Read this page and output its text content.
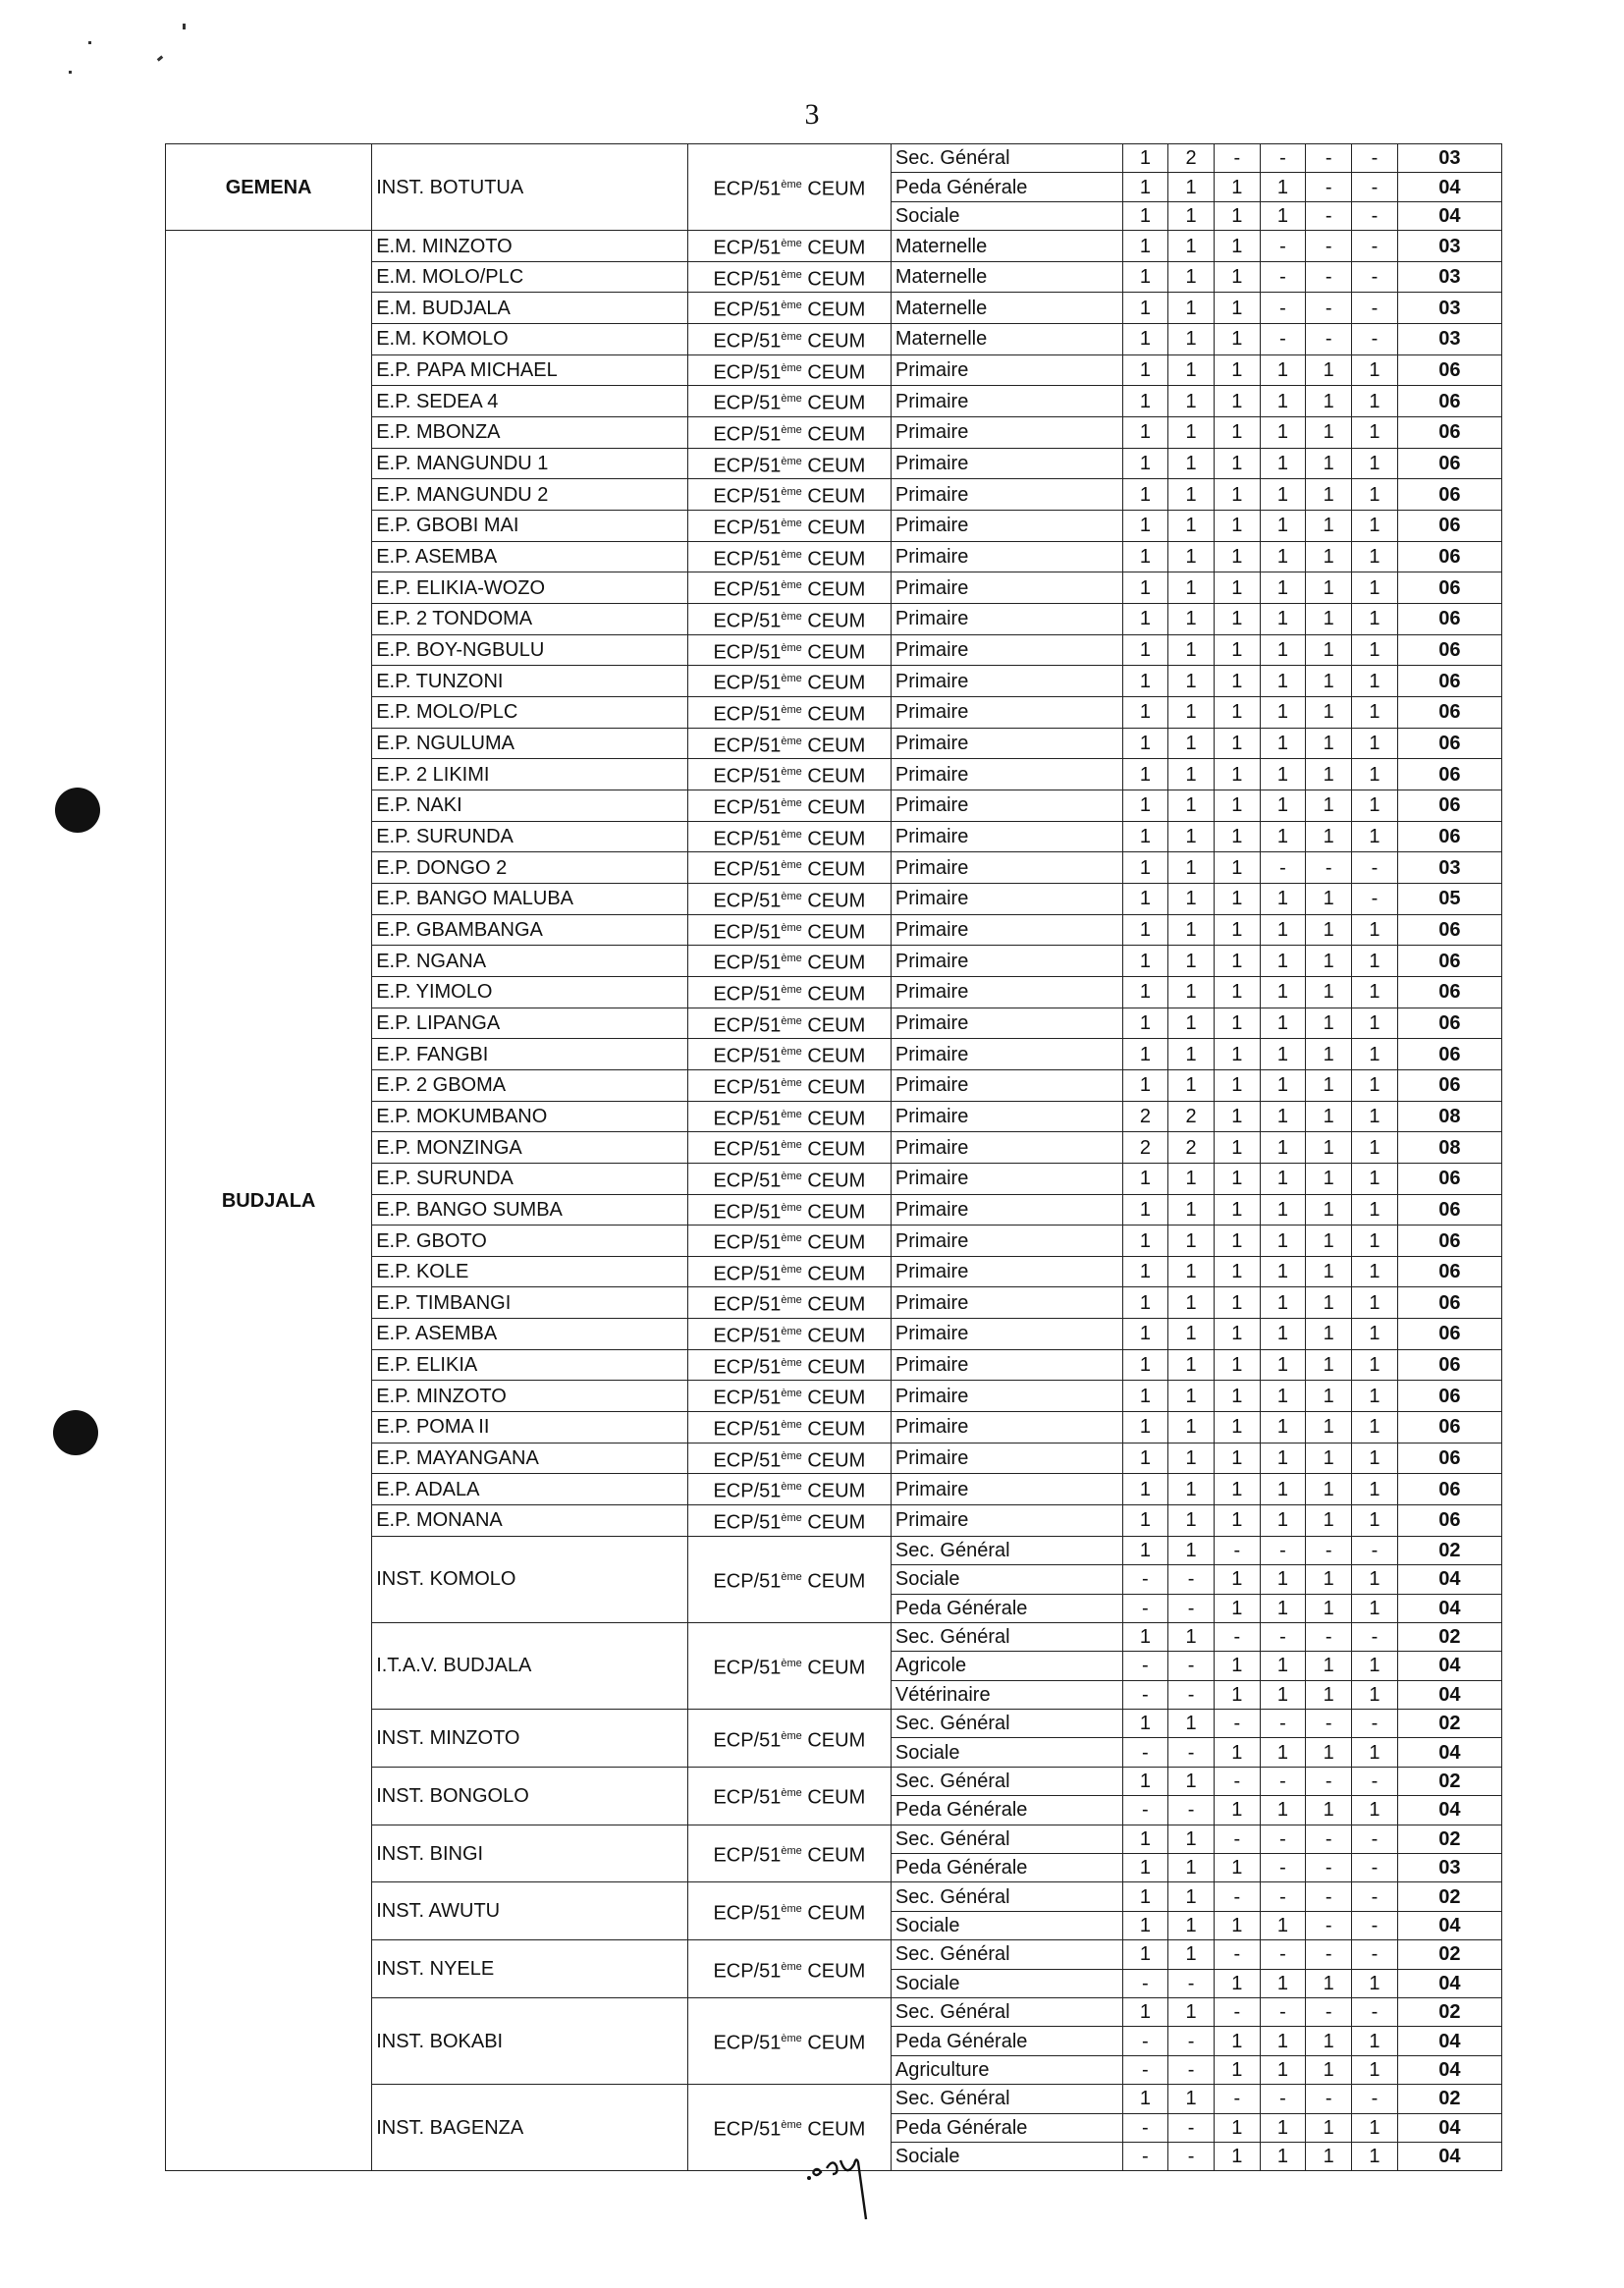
3
GEMENA	INST. BOTUTUA	ECP/51ème CEUM	Sec. Général	1	2	-	-	-	-	03
			Peda Générale	1	1	1	1	-	-	04
			Sociale	1	1	1	1	-	-	04
BUDJALA	E.M. MINZOTO	ECP/51ème CEUM	Maternelle	1	1	1	-	-	-	03
	E.M. MOLO/PLC	ECP/51ème CEUM	Maternelle	1	1	1	-	-	-	03
	E.M. BUDJALA	ECP/51ème CEUM	Maternelle	1	1	1	-	-	-	03
	E.M. KOMOLO	ECP/51ème CEUM	Maternelle	1	1	1	-	-	-	03
	E.P. PAPA MICHAEL	ECP/51ème CEUM	Primaire	1	1	1	1	1	1	06
	E.P. SEDEA 4	ECP/51ème CEUM	Primaire	1	1	1	1	1	1	06
	E.P. MBONZA	ECP/51ème CEUM	Primaire	1	1	1	1	1	1	06
	E.P. MANGUNDU 1	ECP/51ème CEUM	Primaire	1	1	1	1	1	1	06
	E.P. MANGUNDU 2	ECP/51ème CEUM	Primaire	1	1	1	1	1	1	06
	E.P. GBOBI MAI	ECP/51ème CEUM	Primaire	1	1	1	1	1	1	06
	E.P. ASEMBA	ECP/51ème CEUM	Primaire	1	1	1	1	1	1	06
	E.P. ELIKIA-WOZO	ECP/51ème CEUM	Primaire	1	1	1	1	1	1	06
	E.P. 2 TONDOMA	ECP/51ème CEUM	Primaire	1	1	1	1	1	1	06
	E.P. BOY-NGBULU	ECP/51ème CEUM	Primaire	1	1	1	1	1	1	06
	E.P. TUNZONI	ECP/51ème CEUM	Primaire	1	1	1	1	1	1	06
	E.P. MOLO/PLC	ECP/51ème CEUM	Primaire	1	1	1	1	1	1	06
	E.P. NGULUMA	ECP/51ème CEUM	Primaire	1	1	1	1	1	1	06
	E.P. 2 LIKIMI	ECP/51ème CEUM	Primaire	1	1	1	1	1	1	06
	E.P. NAKI	ECP/51ème CEUM	Primaire	1	1	1	1	1	1	06
	E.P. SURUNDA	ECP/51ème CEUM	Primaire	1	1	1	1	1	1	06
	E.P. DONGO 2	ECP/51ème CEUM	Primaire	1	1	1	-	-	-	03
	E.P. BANGO MALUBA	ECP/51ème CEUM	Primaire	1	1	1	1	1	-	05
	E.P. GBAMBANGA	ECP/51ème CEUM	Primaire	1	1	1	1	1	1	06
	E.P. NGANA	ECP/51ème CEUM	Primaire	1	1	1	1	1	1	06
	E.P. YIMOLO	ECP/51ème CEUM	Primaire	1	1	1	1	1	1	06
	E.P. LIPANGA	ECP/51ème CEUM	Primaire	1	1	1	1	1	1	06
	E.P. FANGBI	ECP/51ème CEUM	Primaire	1	1	1	1	1	1	06
	E.P. 2 GBOMA	ECP/51ème CEUM	Primaire	1	1	1	1	1	1	06
	E.P. MOKUMBANO	ECP/51ème CEUM	Primaire	2	2	1	1	1	1	08
	E.P. MONZINGA	ECP/51ème CEUM	Primaire	2	2	1	1	1	1	08
	E.P. SURUNDA	ECP/51ème CEUM	Primaire	1	1	1	1	1	1	06
	E.P. BANGO SUMBA	ECP/51ème CEUM	Primaire	1	1	1	1	1	1	06
	E.P. GBOTO	ECP/51ème CEUM	Primaire	1	1	1	1	1	1	06
	E.P. KOLE	ECP/51ème CEUM	Primaire	1	1	1	1	1	1	06
	E.P. TIMBANGI	ECP/51ème CEUM	Primaire	1	1	1	1	1	1	06
	E.P. ASEMBA	ECP/51ème CEUM	Primaire	1	1	1	1	1	1	06
	E.P. ELIKIA	ECP/51ème CEUM	Primaire	1	1	1	1	1	1	06
	E.P. MINZOTO	ECP/51ème CEUM	Primaire	1	1	1	1	1	1	06
	E.P. POMA II	ECP/51ème CEUM	Primaire	1	1	1	1	1	1	06
	E.P. MAYANGANA	ECP/51ème CEUM	Primaire	1	1	1	1	1	1	06
	E.P. ADALA	ECP/51ème CEUM	Primaire	1	1	1	1	1	1	06
	E.P. MONANA	ECP/51ème CEUM	Primaire	1	1	1	1	1	1	06
	INST. KOMOLO	ECP/51ème CEUM	Sec. Général	1	1	-	-	-	-	02
			Sociale	-	-	1	1	1	1	04
			Peda Générale	-	-	1	1	1	1	04
	I.T.A.V. BUDJALA	ECP/51ème CEUM	Sec. Général	1	1	-	-	-	-	02
			Agricole	-	-	1	1	1	1	04
			Vétérinaire	-	-	1	1	1	1	04
	INST. MINZOTO	ECP/51ème CEUM	Sec. Général	1	1	-	-	-	-	02
			Sociale	-	-	1	1	1	1	04
	INST. BONGOLO	ECP/51ème CEUM	Sec. Général	1	1	-	-	-	-	02
			Peda Générale	-	-	1	1	1	1	04
	INST. BINGI	ECP/51ème CEUM	Sec. Général	1	1	-	-	-	-	02
			Peda Générale	1	1	1	-	-	-	03
	INST. AWUTU	ECP/51ème CEUM	Sec. Général	1	1	-	-	-	-	02
			Sociale	1	1	1	1	-	-	04
	INST. NYELE	ECP/51ème CEUM	Sec. Général	1	1	-	-	-	-	02
			Sociale	-	-	1	1	1	1	04
	INST. BOKABI	ECP/51ème CEUM	Sec. Général	1	1	-	-	-	-	02
			Peda Générale	-	-	1	1	1	1	04
			Agriculture	-	-	1	1	1	1	04
	INST. BAGENZA	ECP/51ème CEUM	Sec. Général	1	1	-	-	-	-	02
			Peda Générale	-	-	1	1	1	1	04
			Sociale	-	-	1	1	1	1	04
